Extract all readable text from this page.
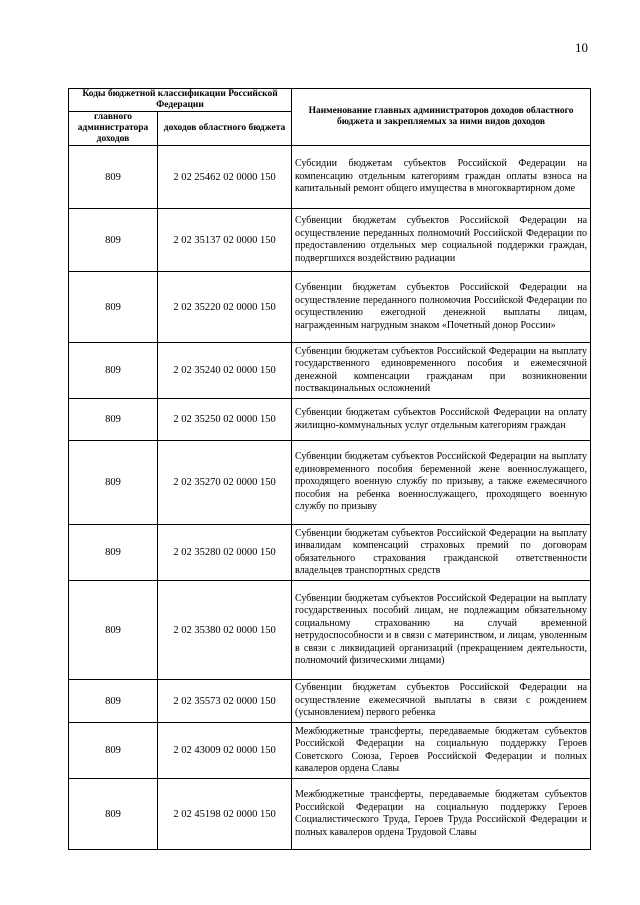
10
Коды бюджетной классификации Российской Федерации		Наименование главных администраторов доходов областного бюджета и закрепляемых за ними видов доходов
главного администратора доходов	доходов областного бюджета	
809	2 02 25462 02 0000 150	Субсидии бюджетам субъектов Российской Федерации на компенсацию отдельным категориям граждан оплаты взноса на капитальный ремонт общего имущества в многоквартирном доме
809	2 02 35137 02 0000 150	Субвенции бюджетам субъектов Российской Федерации на осуществление переданных полномочий Российской Федерации по предоставлению отдельных мер социальной поддержки граждан, подвергшихся воздействию радиации
809	2 02 35220 02 0000 150	Субвенции бюджетам субъектов Российской Федерации на осуществление переданного полномочия Российской Федерации по осуществлению ежегодной денежной выплаты лицам, награжденным нагрудным знаком «Почетный донор России»
809	2 02 35240 02 0000 150	Субвенции бюджетам субъектов Российской Федерации на выплату государственного единовременного пособия и ежемесячной денежной компенсации гражданам при возникновении поствакцинальных осложнений
809	2 02 35250 02 0000 150	Субвенции бюджетам субъектов Российской Федерации на оплату жилищно-коммунальных услуг отдельным категориям граждан
809	2 02 35270 02 0000 150	Субвенции бюджетам субъектов Российской Федерации на выплату единовременного пособия беременной жене военнослужащего, проходящего военную службу по призыву, а также ежемесячного пособия на ребенка военнослужащего, проходящего военную службу по призыву
809	2 02 35280 02 0000 150	Субвенции бюджетам субъектов Российской Федерации на выплату инвалидам компенсаций страховых премий по договорам обязательного страхования гражданской ответственности владельцев транспортных средств
809	2 02 35380 02 0000 150	Субвенции бюджетам субъектов Российской Федерации на выплату государственных пособий лицам, не подлежащим обязательному социальному страхованию на случай временной нетрудоспособности и в связи с материнством, и лицам, уволенным в связи с ликвидацией организаций (прекращением деятельности, полномочий физическими лицами)
809	2 02 35573 02 0000 150	Субвенции бюджетам субъектов Российской Федерации на осуществление ежемесячной выплаты в связи с рождением (усыновлением) первого ребенка
809	2 02 43009 02 0000 150	Межбюджетные трансферты, передаваемые бюджетам субъектов Российской Федерации на социальную поддержку Героев Советского Союза, Героев Российской Федерации и полных кавалеров ордена Славы
809	2 02 45198 02 0000 150	Межбюджетные трансферты, передаваемые бюджетам субъектов Российской Федерации на социальную поддержку Героев Социалистического Труда, Героев Труда Российской Федерации и полных кавалеров ордена Трудовой Славы
